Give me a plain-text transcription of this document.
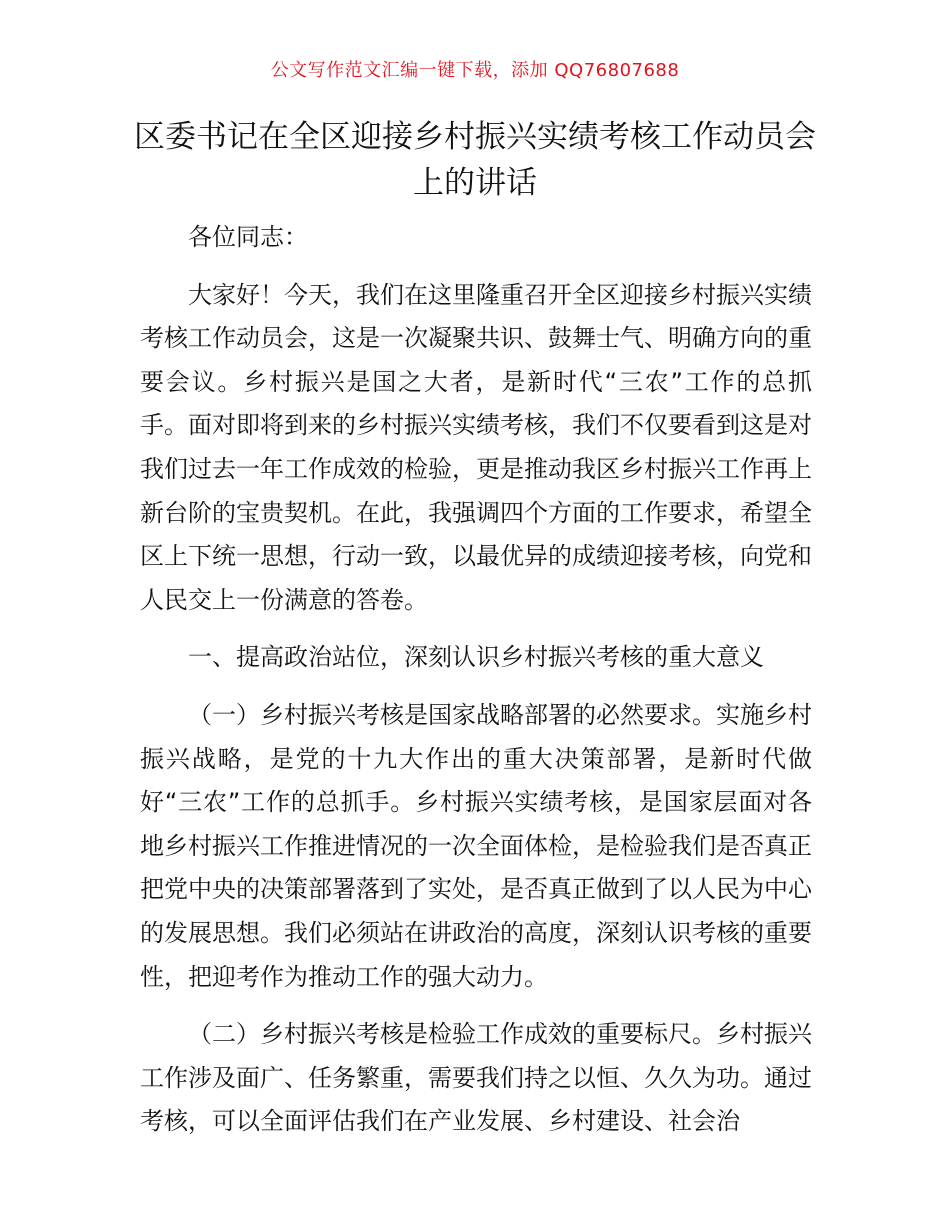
公文写作范文汇编一键下载，添加 QQ76807688
区委书记在全区迎接乡村振兴实绩考核工作动员会上的讲话

各位同志：

大家好！今天，我们在这里隆重召开全区迎接乡村振兴实绩考核工作动员会，这是一次凝聚共识、鼓舞士气、明确方向的重要会议。乡村振兴是国之大者，是新时代“三农”工作的总抓手。面对即将到来的乡村振兴实绩考核，我们不仅要看到这是对我们过去一年工作成效的检验，更是推动我区乡村振兴工作再上新台阶的宝贵契机。在此，我强调四个方面的工作要求，希望全区上下统一思想，行动一致，以最优异的成绩迎接考核，向党和人民交上一份满意的答卷。

一、提高政治站位，深刻认识乡村振兴考核的重大意义

（一）乡村振兴考核是国家战略部署的必然要求。实施乡村振兴战略，是党的十九大作出的重大决策部署，是新时代做好“三农”工作的总抓手。乡村振兴实绩考核，是国家层面对各地乡村振兴工作推进情况的一次全面体检，是检验我们是否真正把党中央的决策部署落到了实处，是否真正做到了以人民为中心的发展思想。我们必须站在讲政治的高度，深刻认识考核的重要性，把迎考作为推动工作的强大动力。

（二）乡村振兴考核是检验工作成效的重要标尺。乡村振兴工作涉及面广、任务繁重，需要我们持之以恒、久久为功。通过考核，可以全面评估我们在产业发展、乡村建设、社会治
